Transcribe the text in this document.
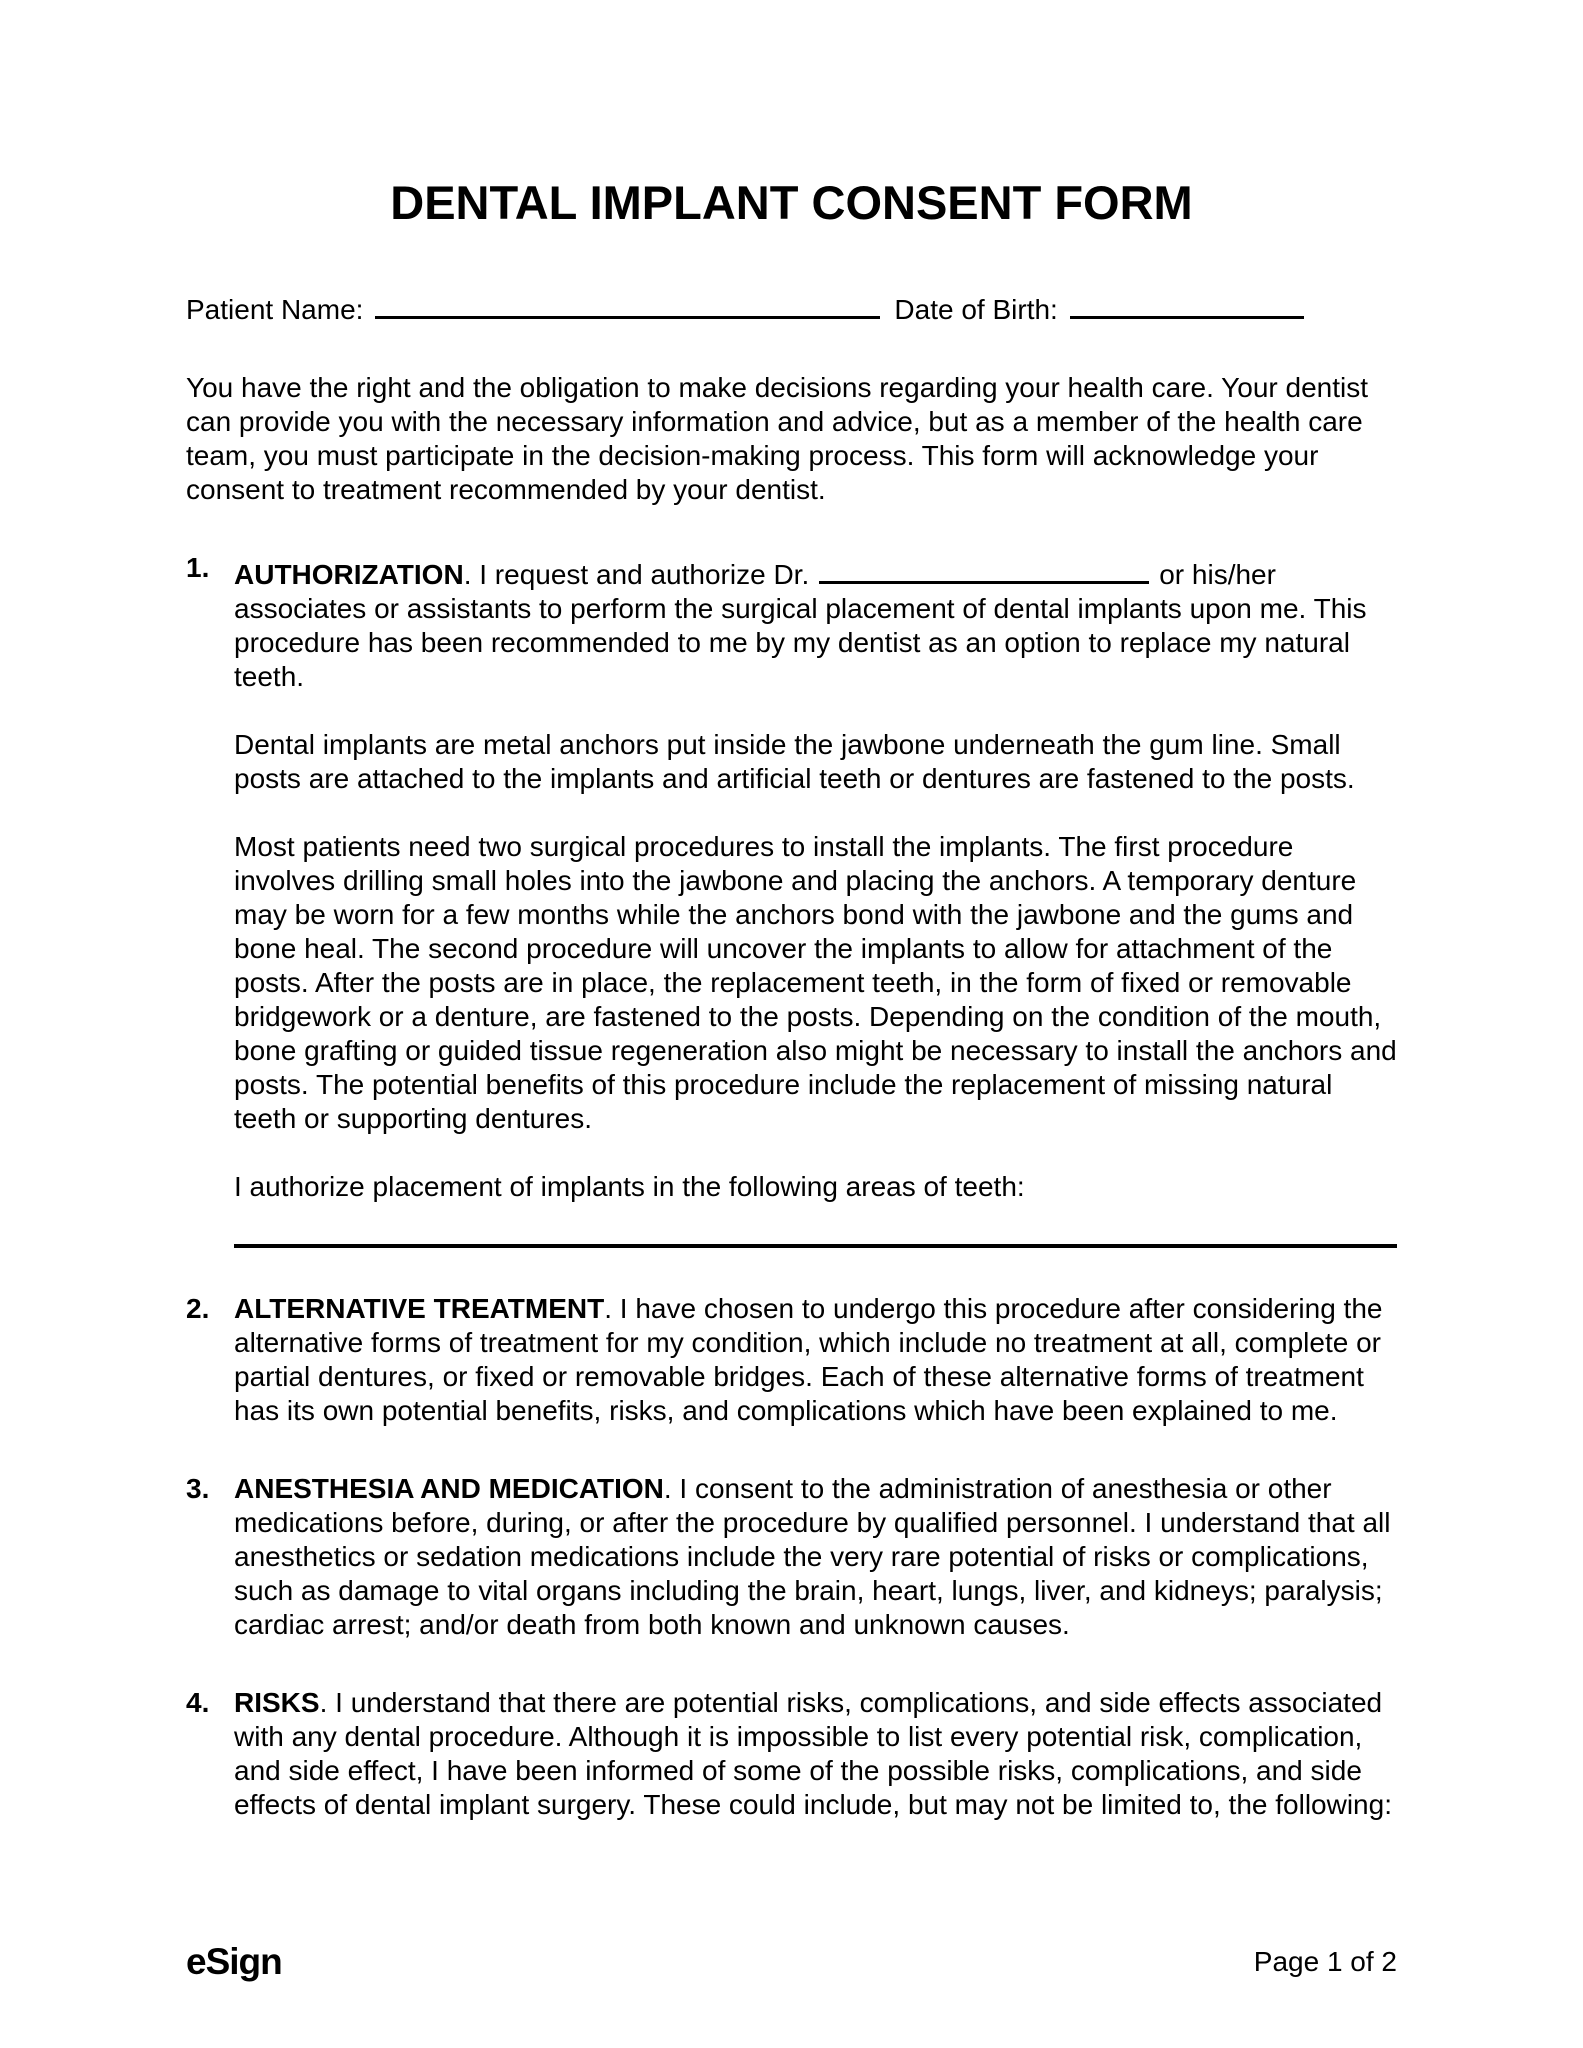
DENTAL IMPLANT CONSENT FORM
Patient Name:	Date of Birth:

You have the right and the obligation to make decisions regarding your health care. Your dentist can provide you with the necessary information and advice, but as a member of the health care team, you must participate in the decision-making process. This form will acknowledge your consent to treatment recommended by your dentist.

1. AUTHORIZATION. I request and authorize Dr.	or his/her associates or assistants to perform the surgical placement of dental implants upon me. This procedure has been recommended to me by my dentist as an option to replace my natural teeth.

Dental implants are metal anchors put inside the jawbone underneath the gum line. Small posts are attached to the implants and artificial teeth or dentures are fastened to the posts.

Most patients need two surgical procedures to install the implants. The first procedure involves drilling small holes into the jawbone and placing the anchors. A temporary denture may be worn for a few months while the anchors bond with the jawbone and the gums and bone heal. The second procedure will uncover the implants to allow for attachment of the posts. After the posts are in place, the replacement teeth, in the form of fixed or removable bridgework or a denture, are fastened to the posts. Depending on the condition of the mouth, bone grafting or guided tissue regeneration also might be necessary to install the anchors and posts. The potential benefits of this procedure include the replacement of missing natural teeth or supporting dentures.

I authorize placement of implants in the following areas of teeth:

2. ALTERNATIVE TREATMENT. I have chosen to undergo this procedure after considering the alternative forms of treatment for my condition, which include no treatment at all, complete or partial dentures, or fixed or removable bridges. Each of these alternative forms of treatment has its own potential benefits, risks, and complications which have been explained to me.

3. ANESTHESIA AND MEDICATION. I consent to the administration of anesthesia or other medications before, during, or after the procedure by qualified personnel. I understand that all anesthetics or sedation medications include the very rare potential of risks or complications, such as damage to vital organs including the brain, heart, lungs, liver, and kidneys; paralysis; cardiac arrest; and/or death from both known and unknown causes.

4. RISKS. I understand that there are potential risks, complications, and side effects associated with any dental procedure. Although it is impossible to list every potential risk, complication, and side effect, I have been informed of some of the possible risks, complications, and side effects of dental implant surgery. These could include, but may not be limited to, the following:

eSign	Page 1 of 2
